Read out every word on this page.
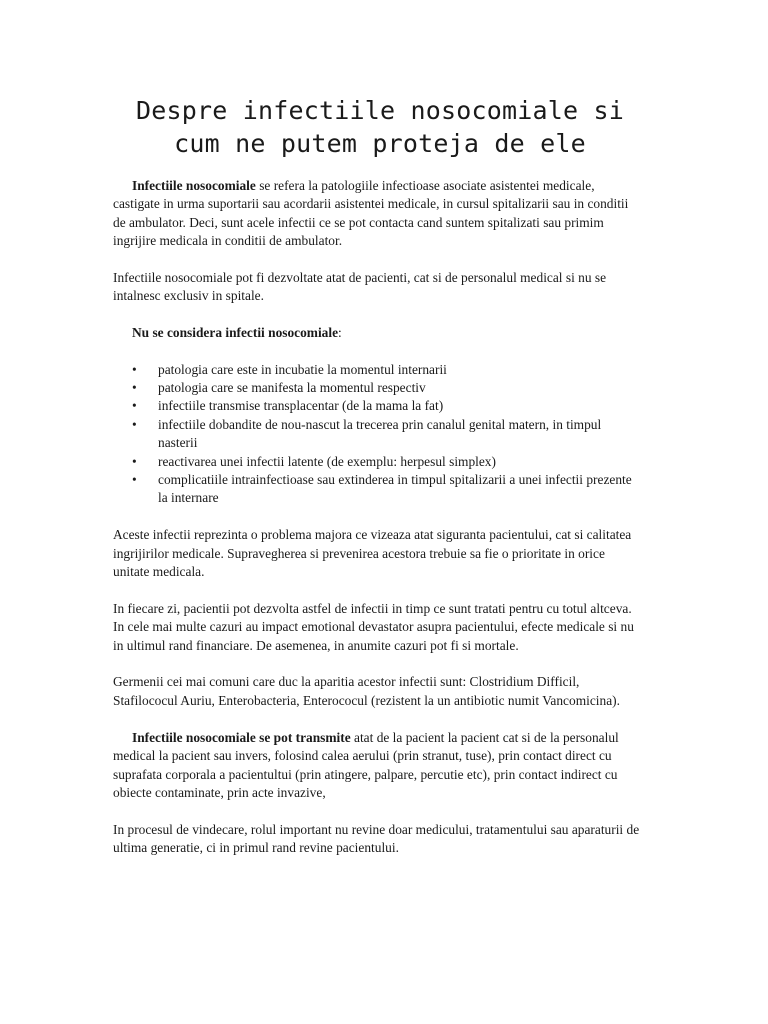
Despre infectiile nosocomiale si
cum ne putem proteja de ele

Infectiile nosocomiale se refera la patologiile infectioase asociate asistentei medicale, castigate in urma suportarii sau acordarii asistentei medicale, in cursul spitalizarii sau in conditii de ambulator. Deci, sunt acele infectii ce se pot contacta cand suntem spitalizati sau primim ingrijire medicala in conditii de ambulator.

Infectiile nosocomiale pot fi dezvoltate atat de pacienti, cat si de personalul medical si nu se intalnesc exclusiv in spitale.

Nu se considera infectii nosocomiale:

• patologia care este in incubatie la momentul internarii
• patologia care se manifesta la momentul respectiv
• infectiile transmise transplacentar (de la mama la fat)
• infectiile dobandite de nou-nascut la trecerea prin canalul genital matern, in timpul nasterii
• reactivarea unei infectii latente (de exemplu: herpesul simplex)
• complicatiile intrainfectioase sau extinderea in timpul spitalizarii a unei infectii prezente la internare

Aceste infectii reprezinta o problema majora ce vizeaza atat siguranta pacientului, cat si calitatea ingrijirilor medicale. Supravegherea si prevenirea acestora trebuie sa fie o prioritate in orice unitate medicala.

In fiecare zi, pacientii pot dezvolta astfel de infectii in timp ce sunt tratati pentru cu totul altceva. In cele mai multe cazuri au impact emotional devastator asupra pacientului, efecte medicale si nu in ultimul rand financiare. De asemenea, in anumite cazuri pot fi si mortale.

Germenii cei mai comuni care duc la aparitia acestor infectii sunt: Clostridium Difficil, Stafilococul Auriu, Enterobacteria, Enterococul (rezistent la un antibiotic numit Vancomicina).

Infectiile nosocomiale se pot transmite atat de la pacient la pacient cat si de la personalul medical la pacient sau invers, folosind calea aerului (prin stranut, tuse), prin contact direct cu suprafata corporala a pacientultui (prin atingere, palpare, percutie etc), prin contact indirect cu obiecte contaminate, prin acte invazive,

In procesul de vindecare, rolul important nu revine doar medicului, tratamentului sau aparaturii de ultima generatie, ci in primul rand revine pacientului.
